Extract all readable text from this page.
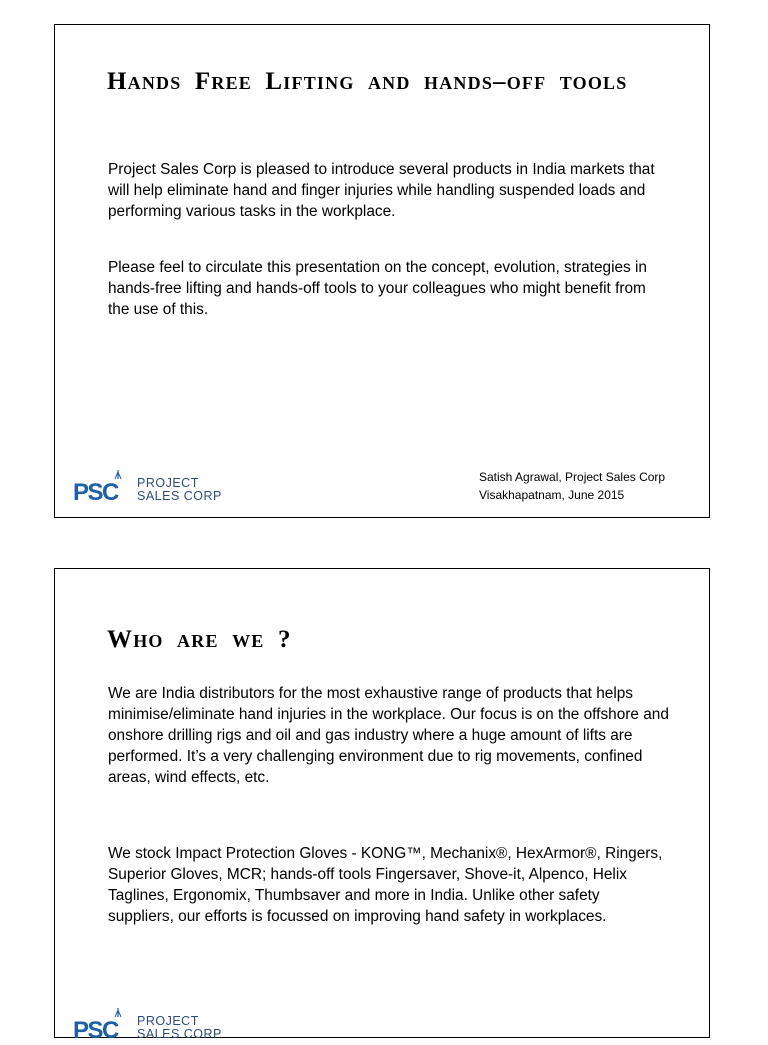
Hands Free Lifting and hands–off tools

Project Sales Corp is pleased to introduce several products in India markets that will help eliminate hand and finger injuries while handling suspended loads and performing various tasks in the workplace.

Please feel to circulate this presentation on the concept, evolution, strategies in hands-free lifting and hands-off tools to your colleagues who might benefit from the use of this.

PSC PROJECT
SALES CORP
Satish Agrawal, Project Sales Corp
Visakhapatnam, June 2015
Who are we ?

We are India distributors for the most exhaustive range of products that helps minimise/eliminate hand injuries in the workplace. Our focus is on the offshore and onshore drilling rigs and oil and gas industry where a huge amount of lifts are performed. It’s a very challenging environment due to rig movements, confined areas, wind effects, etc.

We stock Impact Protection Gloves - KONG™, Mechanix®, HexArmor®, Ringers, Superior Gloves, MCR; hands-off tools Fingersaver, Shove-it, Alpenco, Helix Taglines, Ergonomix, Thumbsaver and more in India. Unlike other safety suppliers, our efforts is focussed on improving hand safety in workplaces.

PSC PROJECT
SALES CORP
